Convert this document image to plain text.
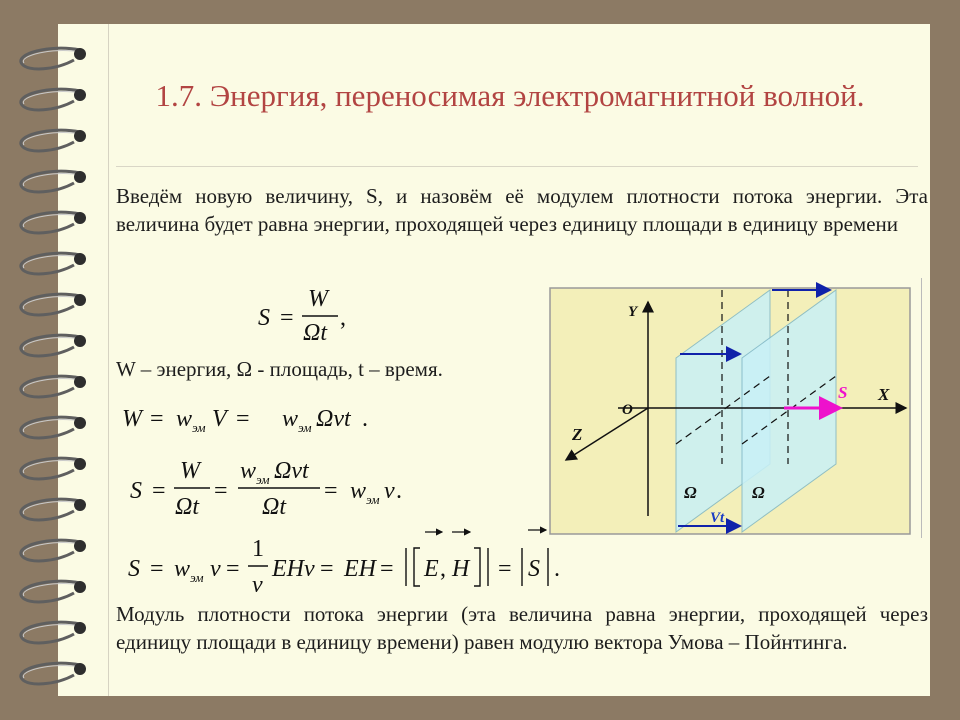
1.7. Энергия, переносимая электромагнитной волной.
Введём новую величину, S, и назовём её модулем плотности потока энергии. Эта величина будет равна энергии, проходящей через единицу площади в единицу времени
S =
W
Ωt
,
W – энергия, Ω - площадь, t – время.
W = w эм V = w эм Ωvt .
S =
W
Ωt
=
w эм Ωvt
Ωt
= w эм v .
S = w эм v =
1
v
EHv = EH = E , H = S .
Y
X
Z
O
S
Ω	Ω
Vt
Модуль плотности потока энергии (эта величина равна энергии, проходящей через единицу площади в единицу времени) равен модулю вектора Умова – Пойнтинга.
